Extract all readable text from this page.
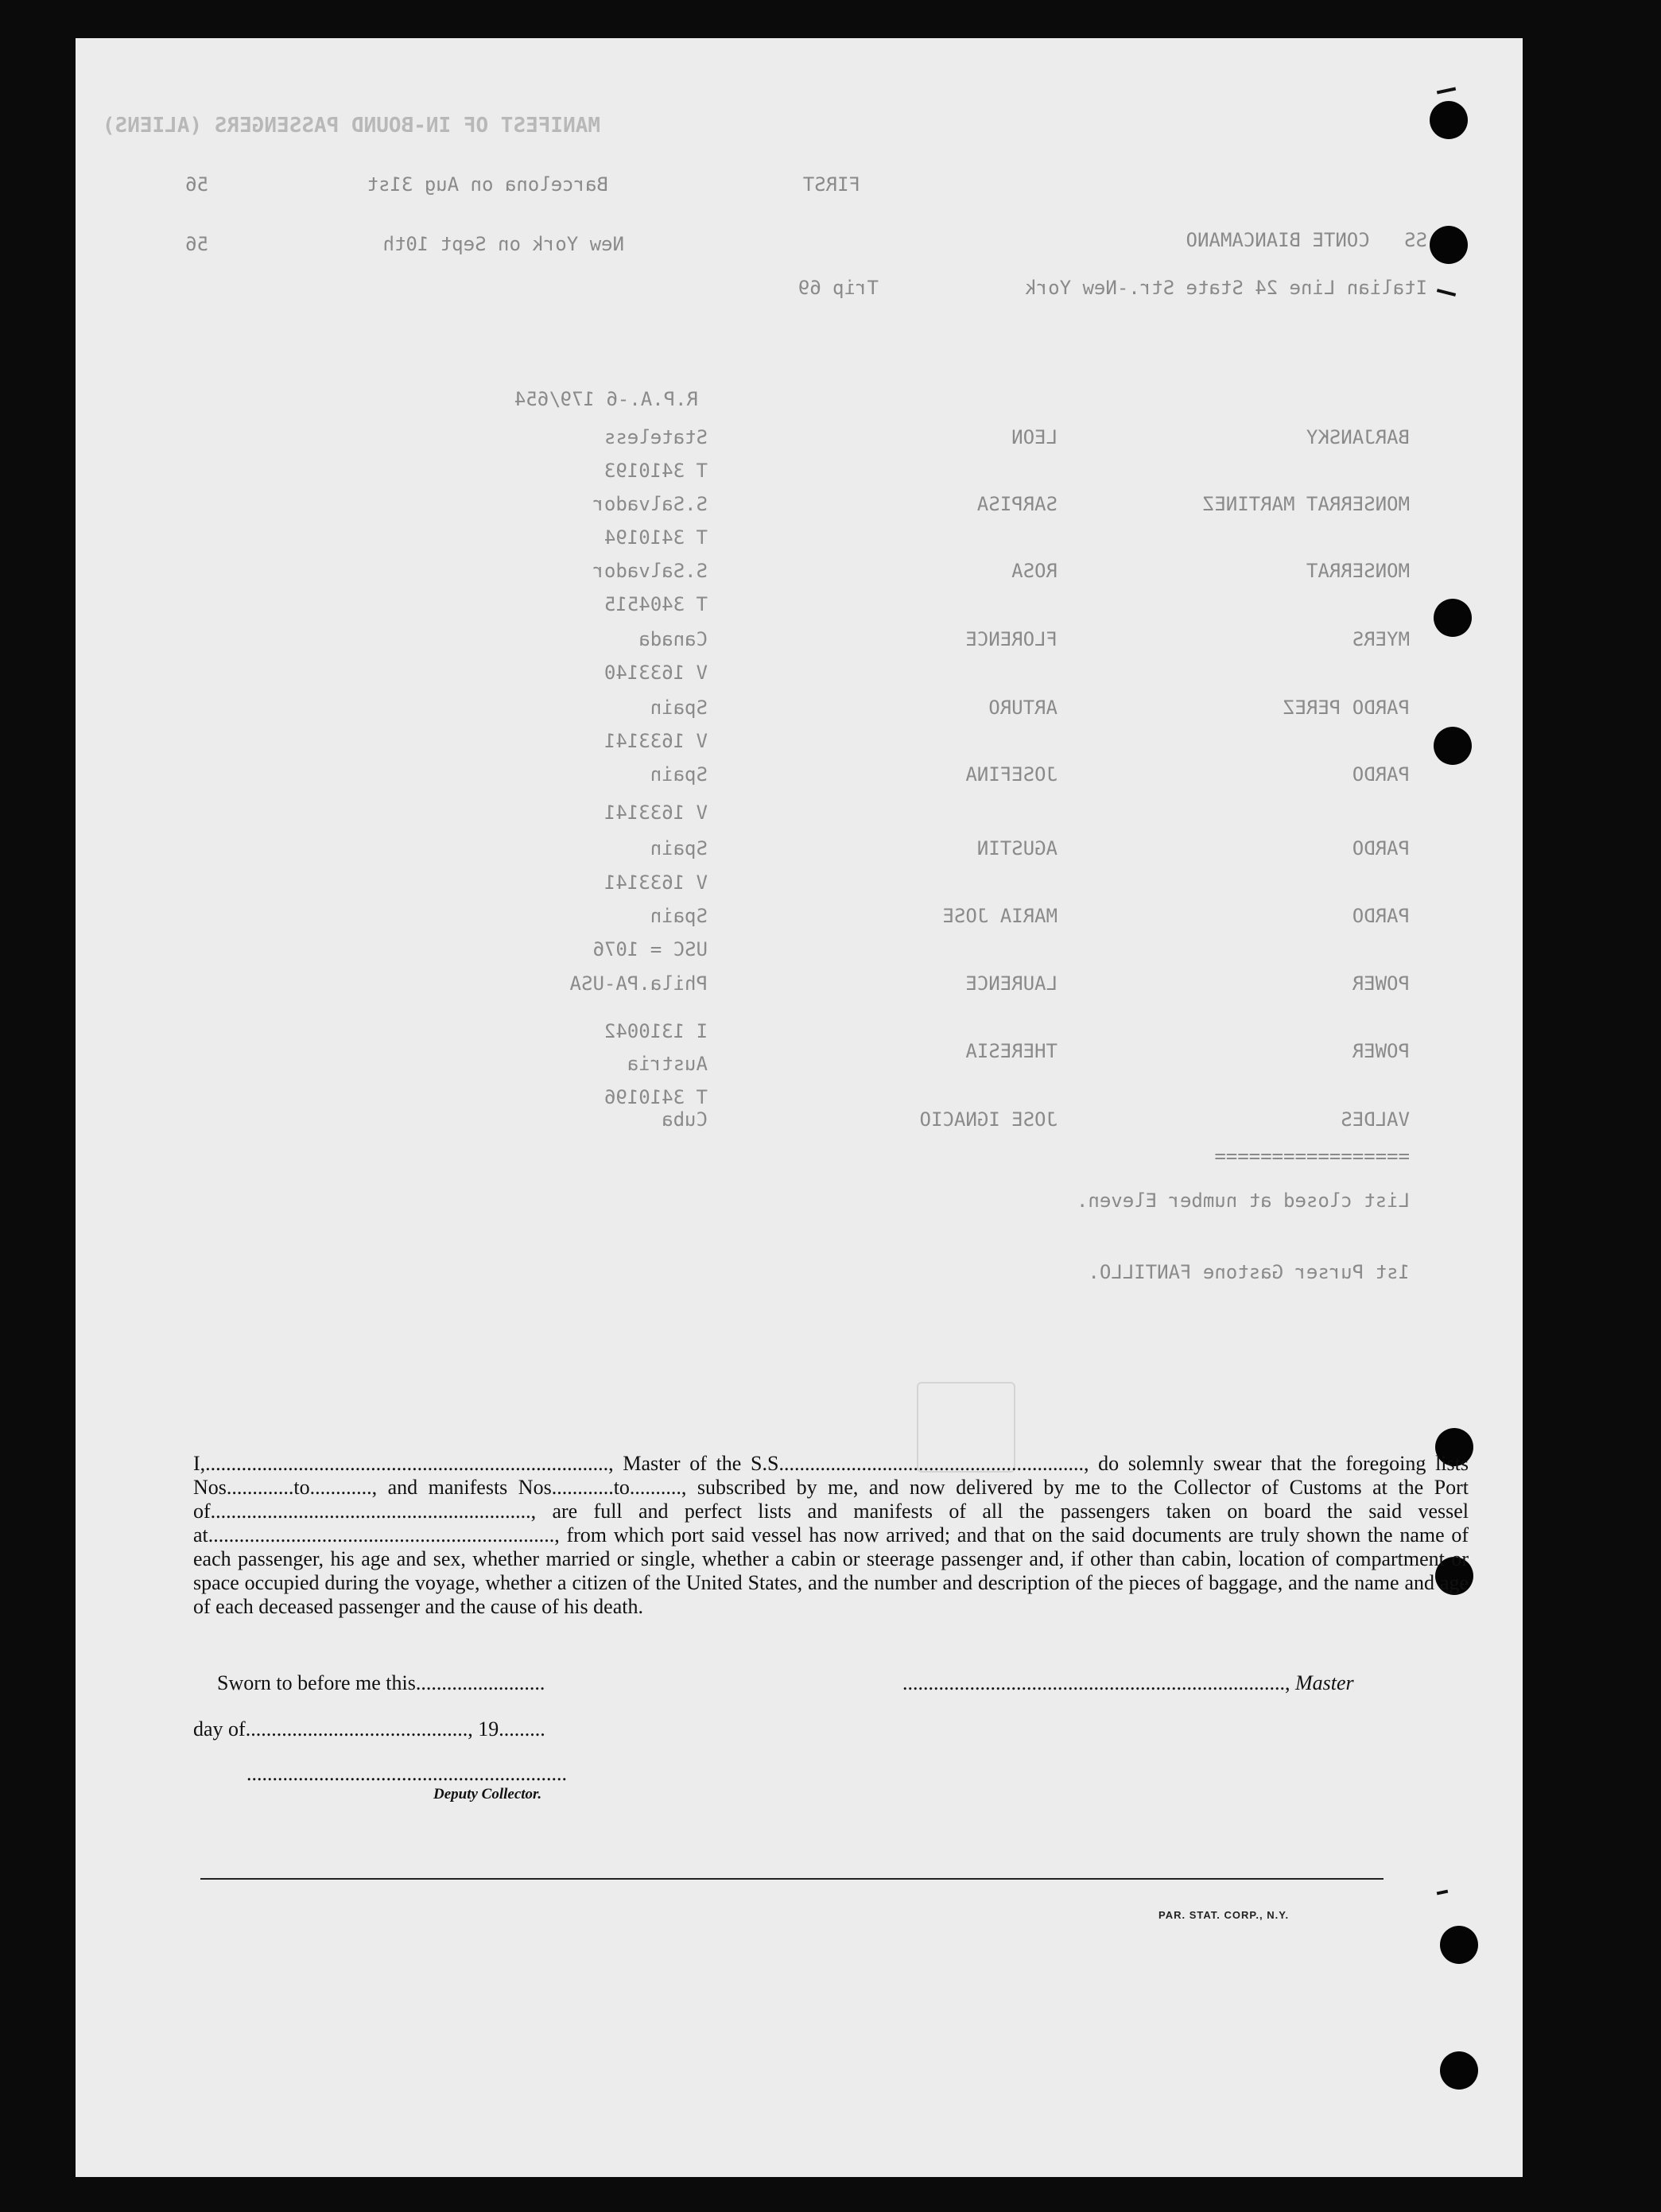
MANIFEST OF IN-BOUND PASSENGERS (ALIENS)
FIRST
Barcelona on Aug 31st
56
New York on Sept 10th
56	SS   CONTE BIANCAMANO
Italian Line 24 State Str.-New York
Trip 69
R.P.A.-6 179/654
BARJANSKY
LEON
Stateless
T 3410193
MONSERRAT MARTINEZ
SARPISA
S.Salvador
T 3410194
MONSERRAT
ROSA
S.Salvador
T 3404515
MYERS
FLORENCE
Canada
V 1633140
PARDO PEREZ
ARTURO
Spain
V 1633141
PARDO
JOSEFINA
Spain
V 1633141
PARDO
AGUSTIN
Spain
V 1633141
PARDO
MARIA JOSE
Spain
USC = 1076
POWER
LAURENCE
Phila.PA-USA
I 1310042
POWER
THERESIA
Austria
T 3410196
VALDES
JOSE IGNACIO
Cuba
=================
List closed at number Eleven.
1st Purser Gastone FANTILLO.

I,.............................................................................., Master of the S.S..........................................................., do solemnly swear that the foregoing lists Nos.............to............, and manifests Nos............to.........., subscribed by me, and now delivered by me to the Collector of Customs at the Port of.............................................................., are full and perfect lists and manifests of all the passengers taken on board the said vessel at..................................................................., from which port said vessel has now arrived; and that on the said documents are truly shown the name of each passenger, his age and sex, whether married or single, whether a cabin or steerage passenger and, if other than cabin, location of compartment or space occupied during the voyage, whether a citizen of the United States, and the number and description of the pieces of baggage, and the name and age of each deceased passenger and the cause of his death.

Sworn to before me this.........................	.........................................................................., Master
day of..........................................., 19.........
..............................................................
Deputy Collector.
PAR. STAT. CORP., N.Y.
